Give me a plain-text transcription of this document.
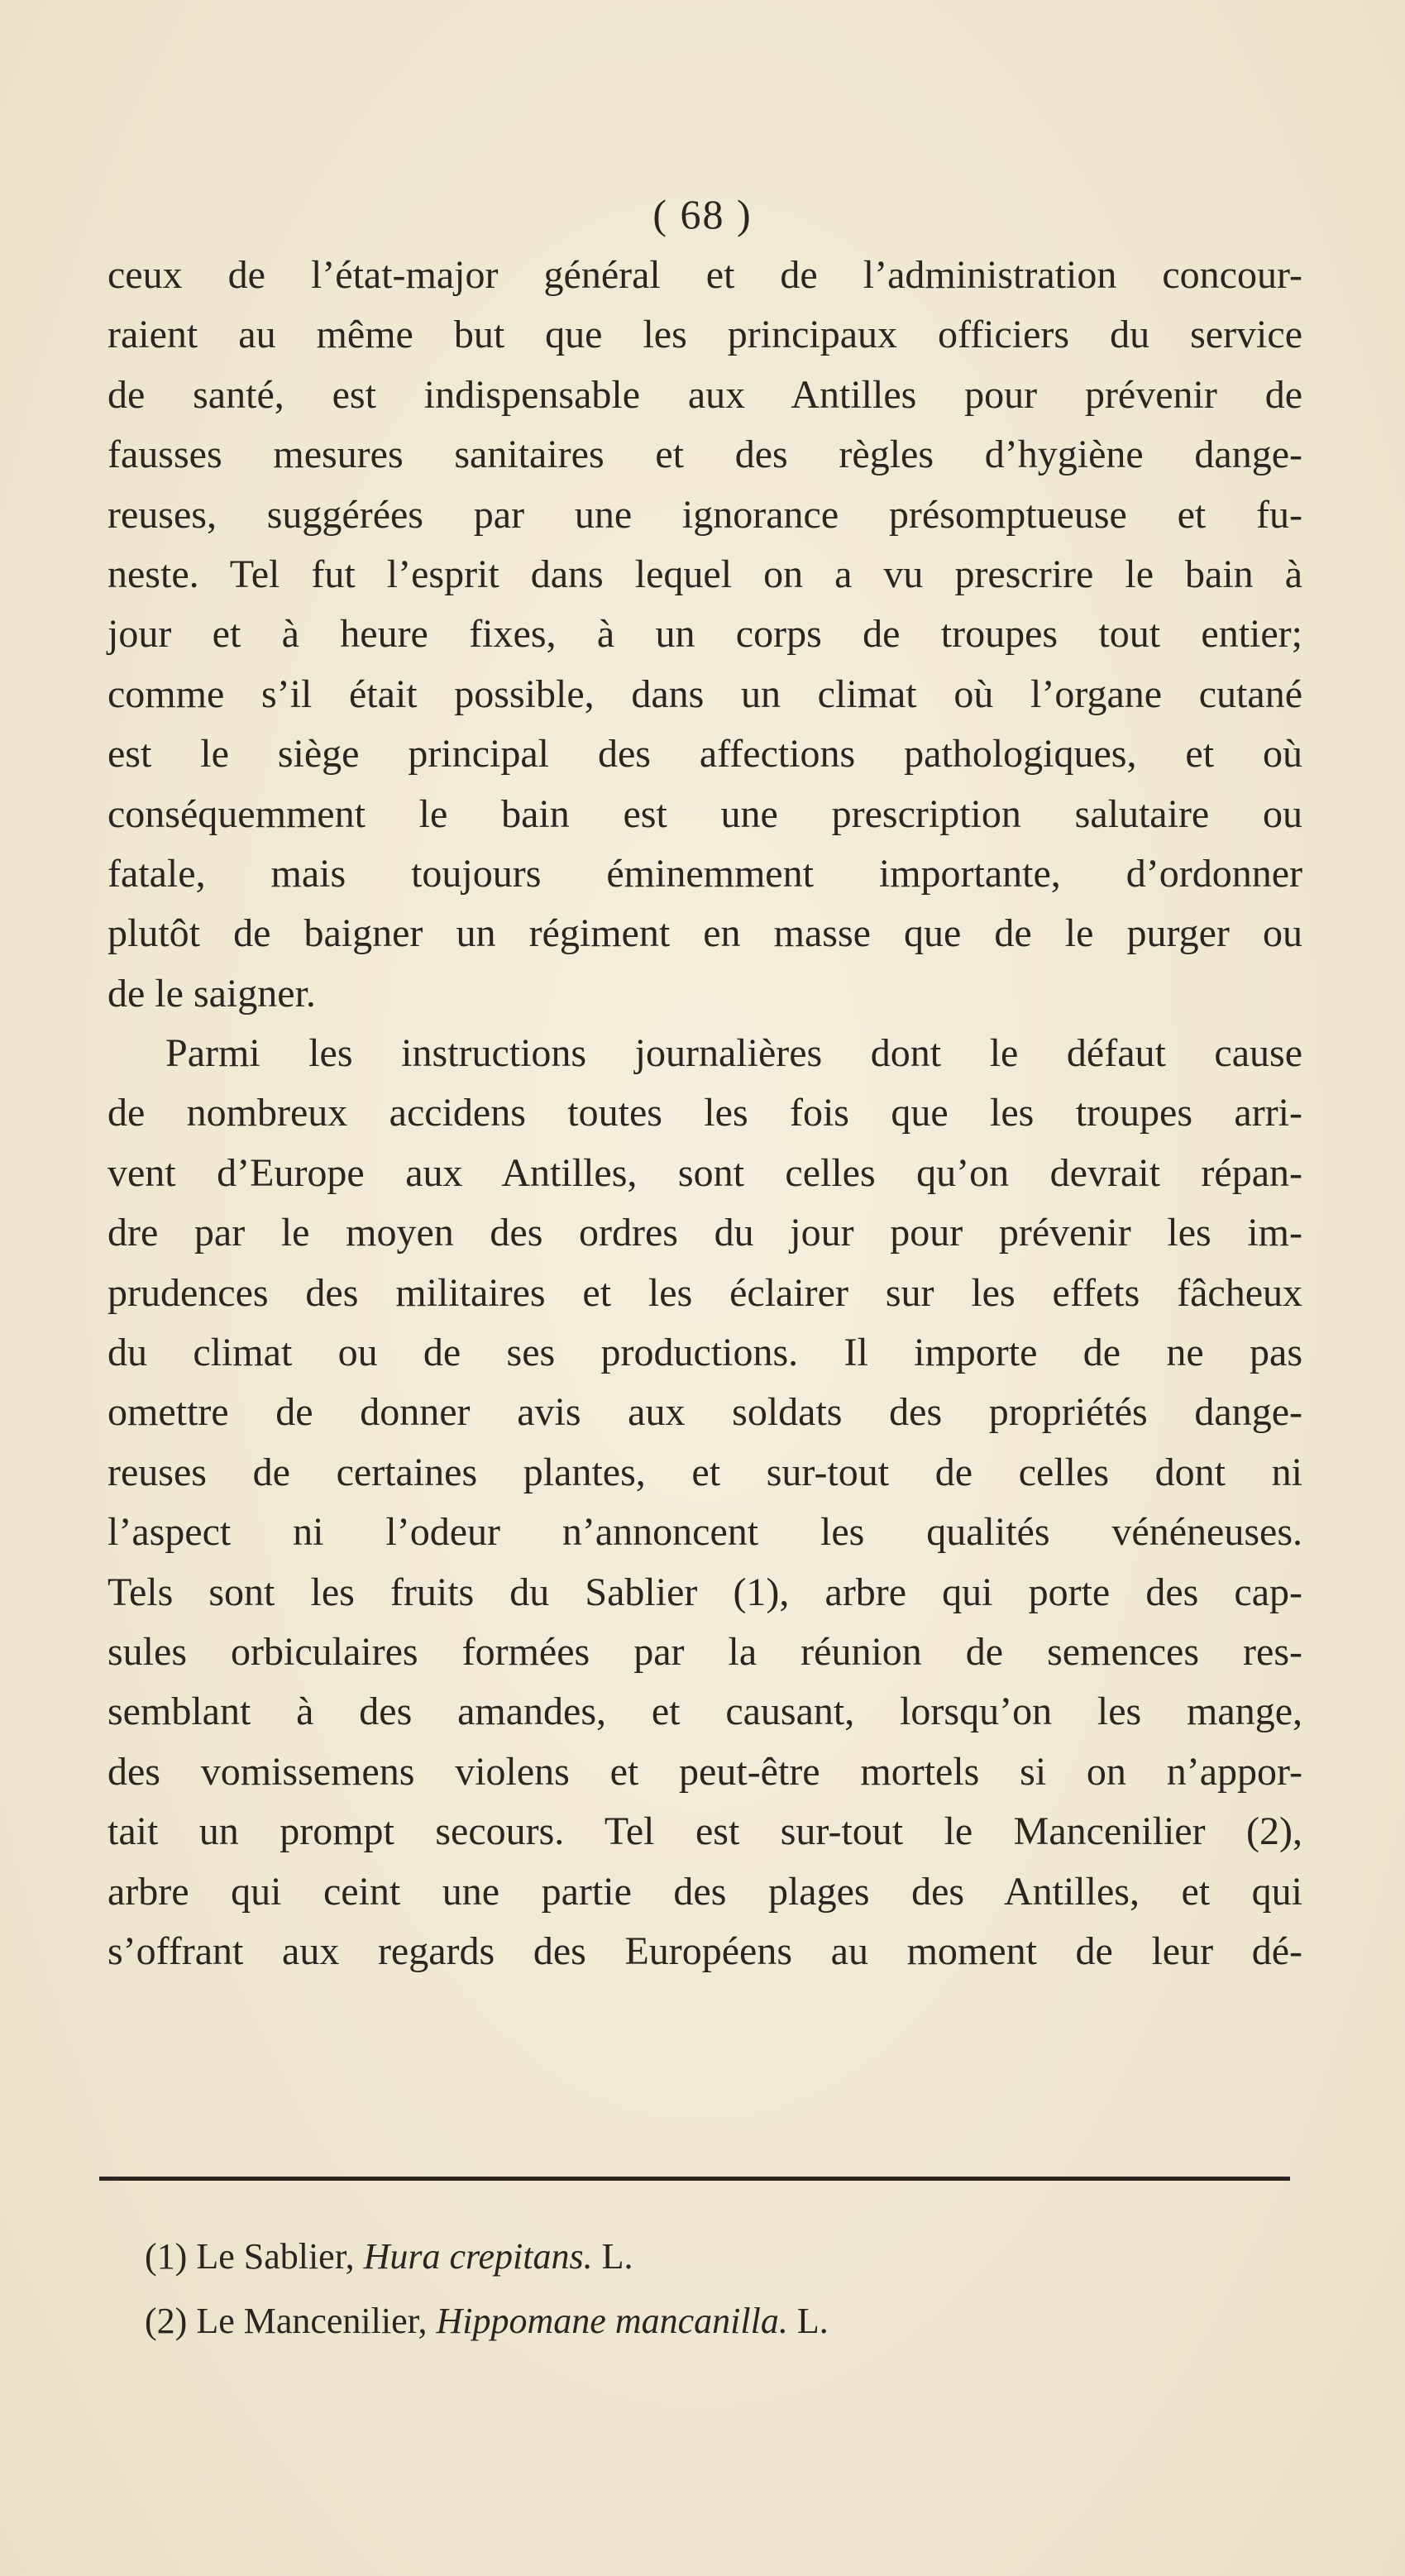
( 68 )
ceux de l’état-major général et de l’administration concour-
raient au même but que les principaux officiers du service
de santé, est indispensable aux Antilles pour prévenir de
fausses mesures sanitaires et des règles d’hygiène dange-
reuses, suggérées par une ignorance présomptueuse et fu-
neste. Tel fut l’esprit dans lequel on a vu prescrire le bain à
jour et à heure fixes, à un corps de troupes tout entier;
comme s’il était possible, dans un climat où l’organe cutané
est le siège principal des affections pathologiques, et où
conséquemment le bain est une prescription salutaire ou
fatale, mais toujours éminemment importante, d’ordonner
plutôt de baigner un régiment en masse que de le purger ou
de le saigner.
Parmi les instructions journalières dont le défaut cause
de nombreux accidens toutes les fois que les troupes arri-
vent d’Europe aux Antilles, sont celles qu’on devrait répan-
dre par le moyen des ordres du jour pour prévenir les im-
prudences des militaires et les éclairer sur les effets fâcheux
du climat ou de ses productions. Il importe de ne pas
omettre de donner avis aux soldats des propriétés dange-
reuses de certaines plantes, et sur-tout de celles dont ni
l’aspect ni l’odeur n’annoncent les qualités vénéneuses.
Tels sont les fruits du Sablier (1), arbre qui porte des cap-
sules orbiculaires formées par la réunion de semences res-
semblant à des amandes, et causant, lorsqu’on les mange,
des vomissemens violens et peut-être mortels si on n’appor-
tait un prompt secours. Tel est sur-tout le Mancenilier (2),
arbre qui ceint une partie des plages des Antilles, et qui
s’offrant aux regards des Européens au moment de leur dé-
(1) Le Sablier, Hura crepitans. L.
(2) Le Mancenilier, Hippomane mancanilla. L.
